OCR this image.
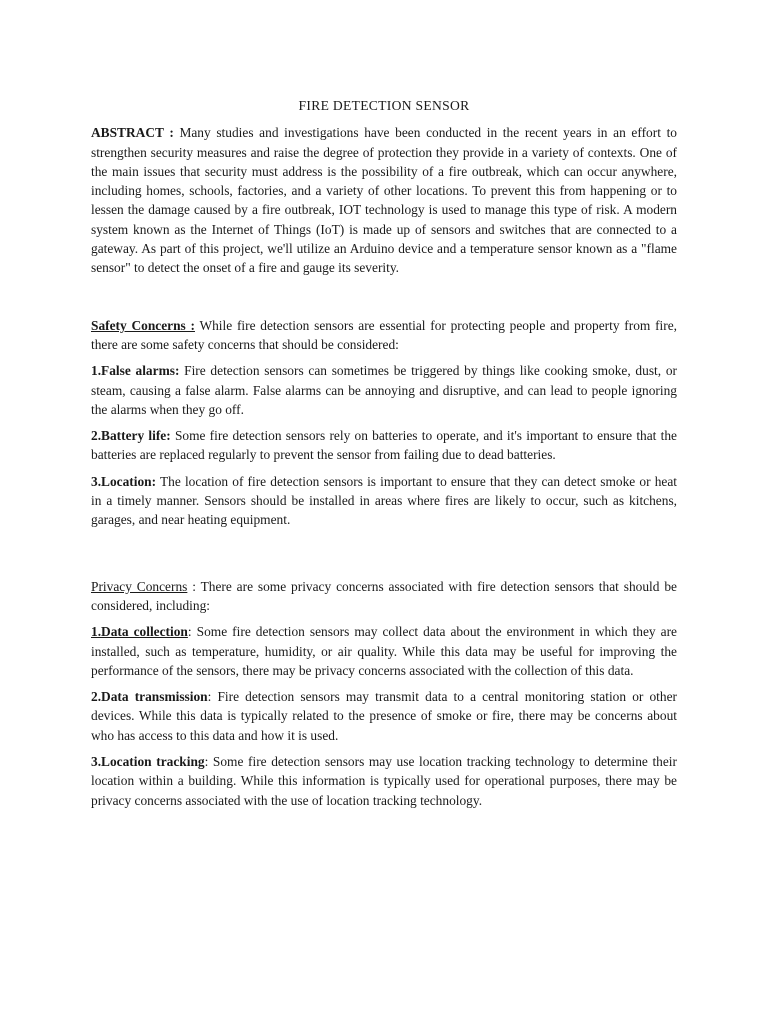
FIRE DETECTION SENSOR

ABSTRACT : Many studies and investigations have been conducted in the recent years in an effort to strengthen security measures and raise the degree of protection they provide in a variety of contexts. One of the main issues that security must address is the possibility of a fire outbreak, which can occur anywhere, including homes, schools, factories, and a variety of other locations. To prevent this from happening or to lessen the damage caused by a fire outbreak, IOT technology is used to manage this type of risk. A modern system known as the Internet of Things (IoT) is made up of sensors and switches that are connected to a gateway. As part of this project, we'll utilize an Arduino device and a temperature sensor known as a "flame sensor" to detect the onset of a fire and gauge its severity.

Safety Concerns : While fire detection sensors are essential for protecting people and property from fire, there are some safety concerns that should be considered:

1.False alarms: Fire detection sensors can sometimes be triggered by things like cooking smoke, dust, or steam, causing a false alarm. False alarms can be annoying and disruptive, and can lead to people ignoring the alarms when they go off.

2.Battery life: Some fire detection sensors rely on batteries to operate, and it's important to ensure that the batteries are replaced regularly to prevent the sensor from failing due to dead batteries.

3.Location: The location of fire detection sensors is important to ensure that they can detect smoke or heat in a timely manner. Sensors should be installed in areas where fires are likely to occur, such as kitchens, garages, and near heating equipment.

Privacy Concerns : There are some privacy concerns associated with fire detection sensors that should be considered, including:

1.Data collection: Some fire detection sensors may collect data about the environment in which they are installed, such as temperature, humidity, or air quality. While this data may be useful for improving the performance of the sensors, there may be privacy concerns associated with the collection of this data.

2.Data transmission: Fire detection sensors may transmit data to a central monitoring station or other devices. While this data is typically related to the presence of smoke or fire, there may be concerns about who has access to this data and how it is used.

3.Location tracking: Some fire detection sensors may use location tracking technology to determine their location within a building. While this information is typically used for operational purposes, there may be privacy concerns associated with the use of location tracking technology.
